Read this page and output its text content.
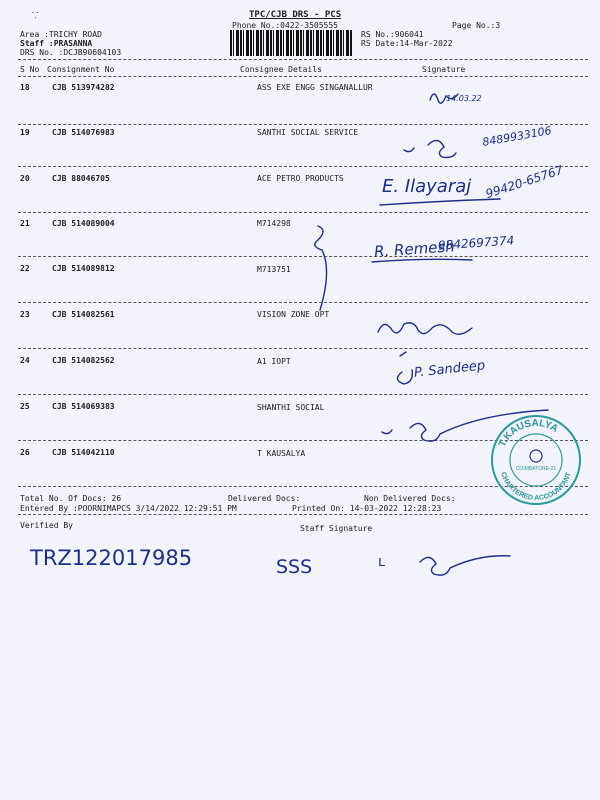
⸪	TPC/CJB DRS - PCS
Phone No.:0422-3505555	Page No.:3
Area :TRICHY ROAD
Staff :PRASANNA
DRS No. :DCJB90604103
RS No.:906041
RS Date:14-Mar-2022
S No Consignment No	Consignee Details	Signature
18	CJB 513974282	ASS EXE ENGG SINGANALLUR
19	CJB 514076983	SANTHI SOCIAL SERVICE
20	CJB 88046705	ACE PETRO PRODUCTS
21	CJB 514089004	M714298
22	CJB 514089812	M713751
23	CJB 514082561	VISION ZONE OPT
24	CJB 514082562	A1 IOPT
25	CJB 514069383	SHANTHI SOCIAL
26	CJB 514042110	T KAUSALYA
14.03.22
8489933106
E. Ilayaraj 99420-65767
R. Remesh
9842697374
P. Sandeep
T.KAUSALYA
CHARTERED ACCOUNTANT
COIMBATORE-21
Total No. Of Docs: 26	Delivered Docs:	Non Delivered Docs:
Entered By :POORNIMAPCS 3/14/2022 12:29:51 PM	Printed On: 14-03-2022 12:28:23
Verified By	Staff Signature
TRZ122017985	SSS	ʟ
